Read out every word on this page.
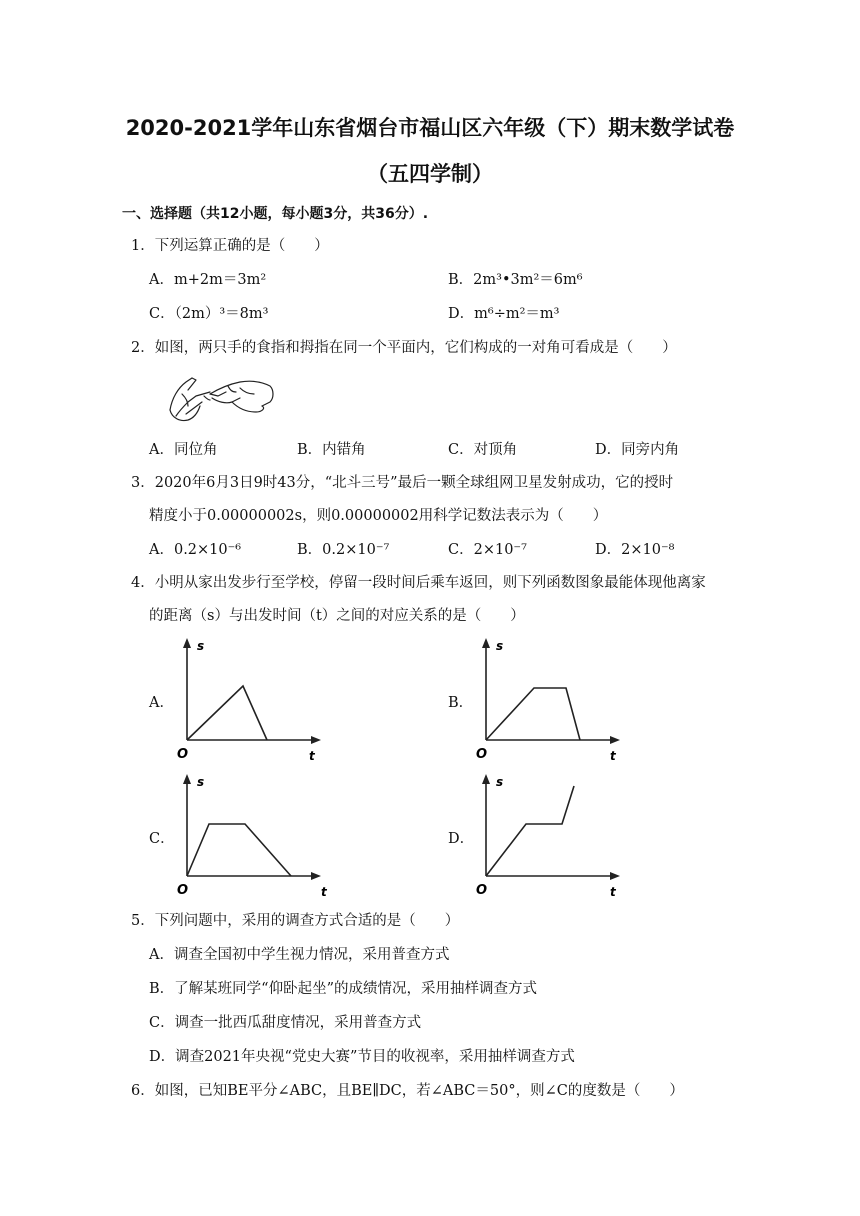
2020-2021学年山东省烟台市福山区六年级（下）期末数学试卷
（五四学制）
一、选择题（共12小题，每小题3分，共36分）.
1．下列运算正确的是（　　）
A．m+2m＝3m²	B．2m³•3m²＝6m⁶
C．（2m）³＝8m³	D．m⁶÷m²＝m³
2．如图，两只手的食指和拇指在同一个平面内，它们构成的一对角可看成是（　　）
A．同位角	B．内错角	C．对顶角	D．同旁内角
3．2020年6月3日9时43分，“北斗三号”最后一颗全球组网卫星发射成功，它的授时
精度小于0.00000002s，则0.00000002用科学记数法表示为（　　）
A．0.2×10⁻⁶	B．0.2×10⁻⁷	C．2×10⁻⁷	D．2×10⁻⁸
4．小明从家出发步行至学校，停留一段时间后乘车返回，则下列函数图象最能体现他离家
的距离（s）与出发时间（t）之间的对应关系的是（　　）
A．	B．
C．	D．
s
t
O
s
t
O
s
t
O
s
t
O
5．下列问题中，采用的调查方式合适的是（　　）
A．调查全国初中学生视力情况，采用普查方式
B．了解某班同学“仰卧起坐”的成绩情况，采用抽样调查方式
C．调查一批西瓜甜度情况，采用普查方式
D．调查2021年央视“党史大赛”节目的收视率，采用抽样调查方式
6．如图，已知BE平分∠ABC，且BE∥DC，若∠ABC＝50°，则∠C的度数是（　　）
